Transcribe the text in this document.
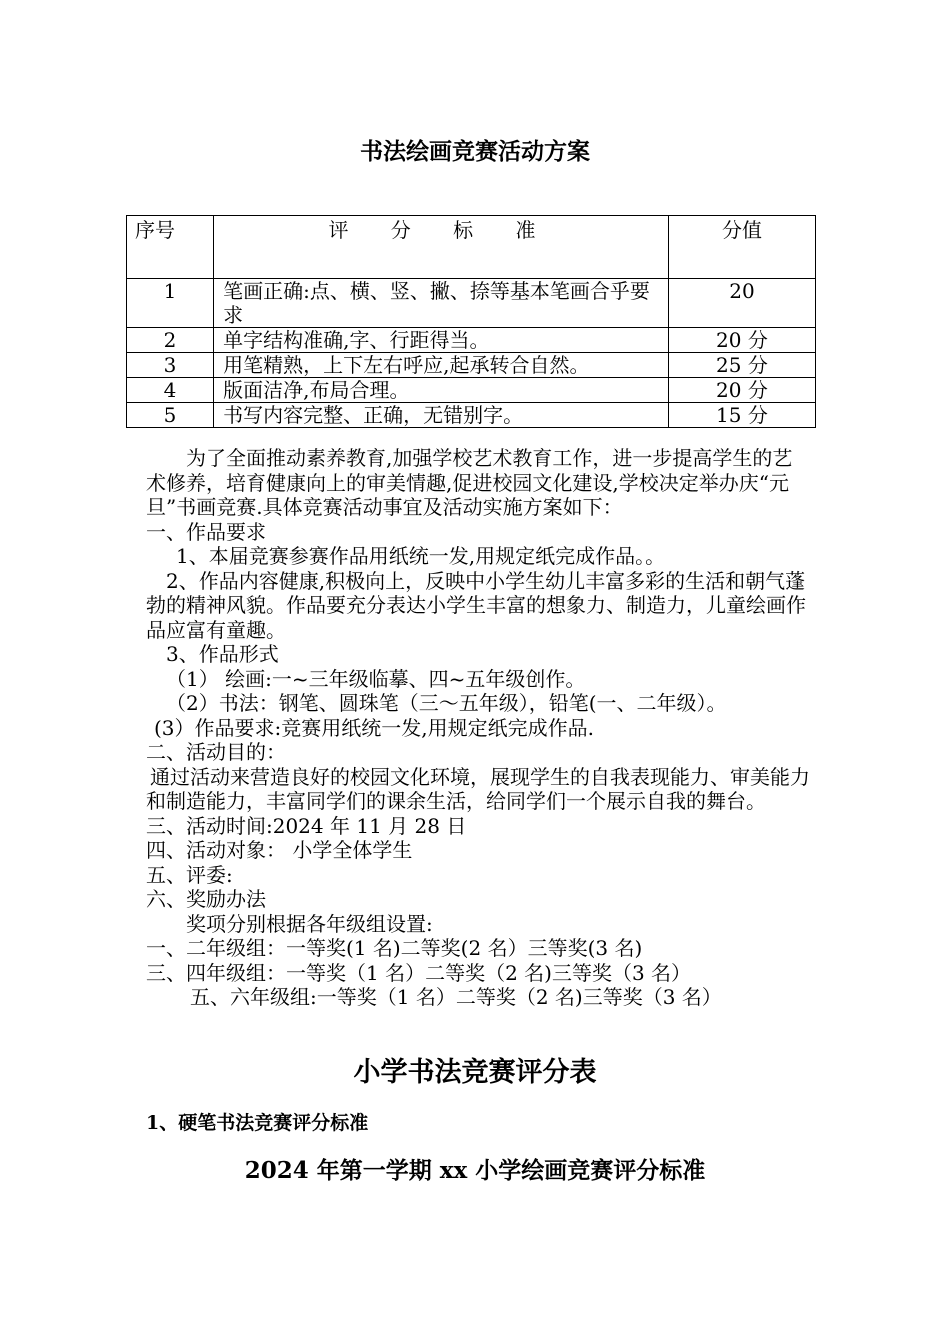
书法绘画竞赛活动方案
序号	评 分 标 准	分值
1	笔画正确:点、横、竖、撇、捺等基本笔画合乎要求	20
2	单字结构准确,字、行距得当。	20 分
3	用笔精熟，上下左右呼应,起承转合自然。	25 分
4	版面洁净,布局合理。	20 分
5	书写内容完整、正确，无错别字。	15 分

为了全面推动素养教育,加强学校艺术教育工作，进一步提高学生的艺术修养，培育健康向上的审美情趣,促进校园文化建设,学校决定举办庆“元旦”书画竞赛.具体竞赛活动事宜及活动实施方案如下：

一、作品要求

1、本届竞赛参赛作品用纸统一发,用规定纸完成作品。。

2、作品内容健康,积极向上，反映中小学生幼儿丰富多彩的生活和朝气蓬勃的精神风貌。作品要充分表达小学生丰富的想象力、制造力，儿童绘画作品应富有童趣。

3、作品形式

（1） 绘画:一~三年级临摹、四~五年级创作。

（2）书法：钢笔、圆珠笔（三～五年级），铅笔(一、二年级）。

(3）作品要求:竞赛用纸统一发,用规定纸完成作品.

二、活动目的：

通过活动来营造良好的校园文化环境，展现学生的自我表现能力、审美能力和制造能力，丰富同学们的课余生活，给同学们一个展示自我的舞台。

三、活动时间:2024 年 11 月 28 日

四、活动对象： 小学全体学生

五、评委:

六、奖励办法

奖项分别根据各年级组设置:

一、二年级组：一等奖(1 名)二等奖(2 名）三等奖(3 名)

三、四年级组：一等奖（1 名）二等奖（2 名)三等奖（3 名）

五、六年级组:一等奖（1 名）二等奖（2 名)三等奖（3 名）

小学书法竞赛评分表
1、硬笔书法竞赛评分标准
2024 年第一学期 xx 小学绘画竞赛评分标准
